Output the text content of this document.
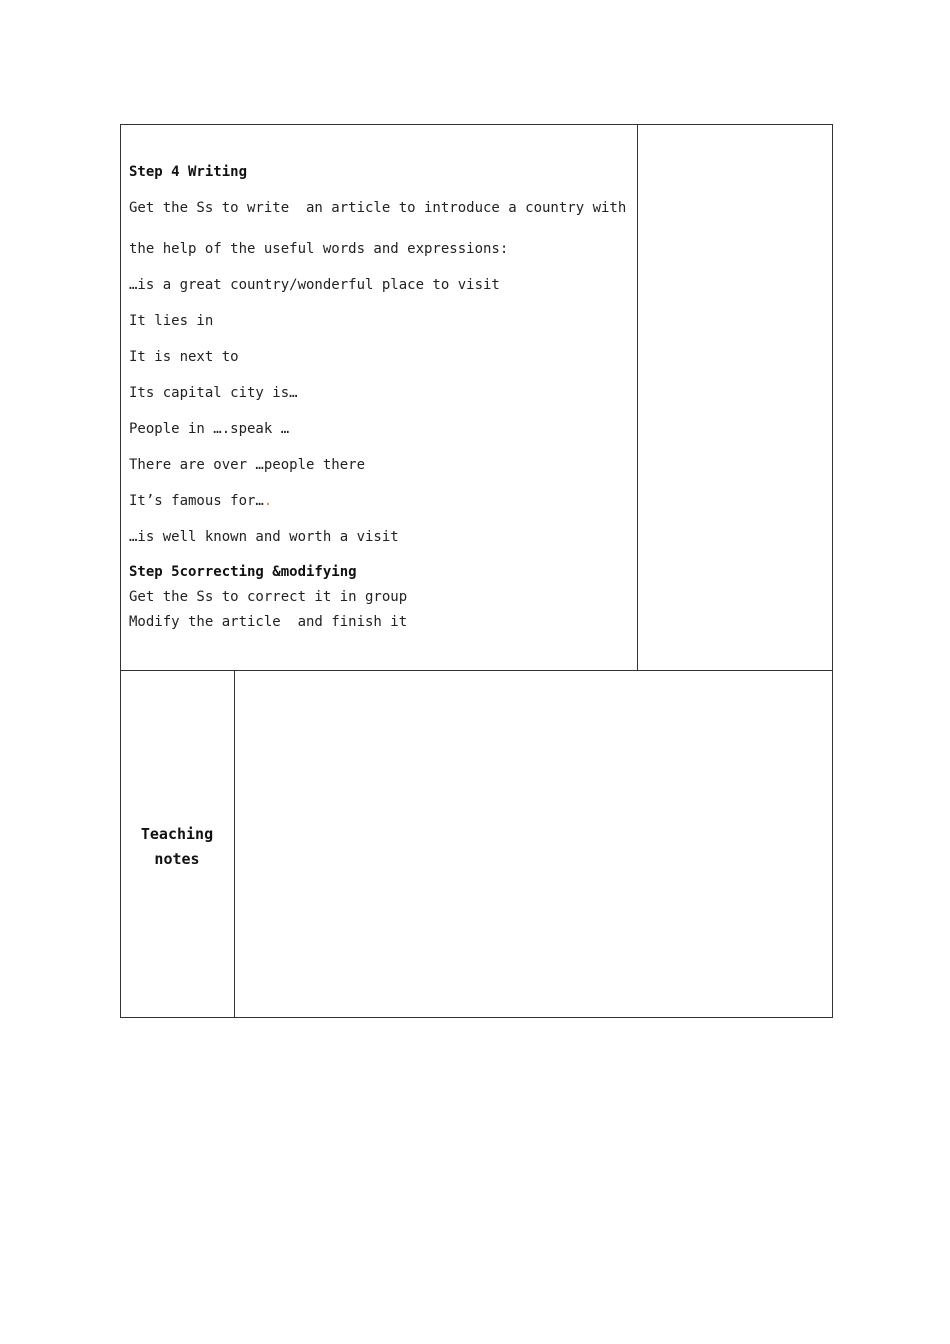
Step 4 Writing
Get the Ss to write  an article to introduce a country with
the help of the useful words and expressions:
…is a great country/wonderful place to visit
It lies in
It is next to
Its capital city is…
People in ….speak …
There are over …people there
It’s famous for….
…is well known and worth a visit
Step 5correcting &modifying
Get the Ss to correct it in group
Modify the article  and finish it
Teaching
notes
